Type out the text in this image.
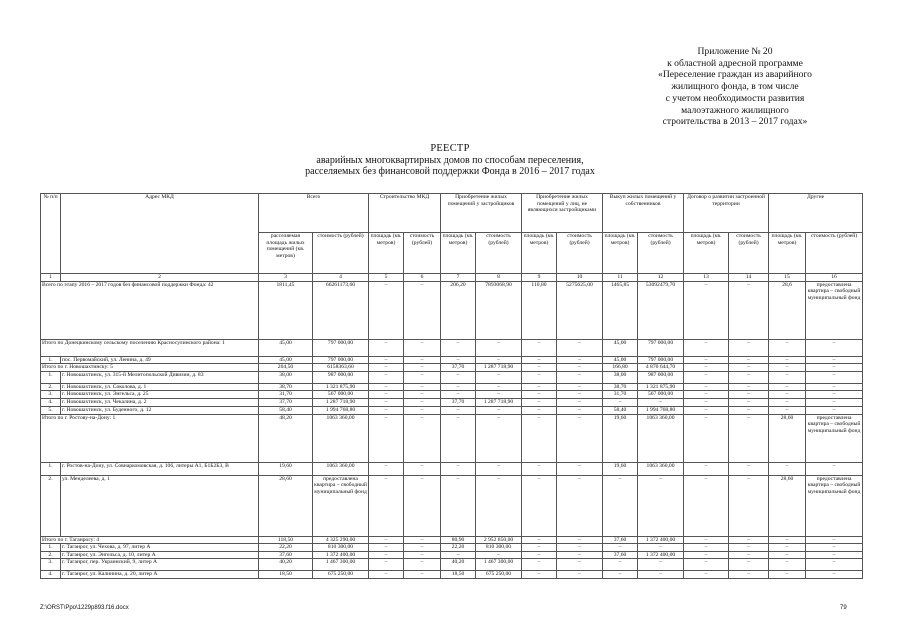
Приложение № 20
к областной адресной программе
«Переселение граждан из аварийного
жилищного фонда, в том числе
с учетом необходимости развития
малоэтажного жилищного
строительства в 2013 – 2017 годах»
РЕЕСТР
аварийных многоквартирных домов по способам переселения,
расселяемых без финансовой поддержки Фонда в 2016 – 2017 годах
№ п/п	Адрес МКД	Всего		Строительство МКД		Приобретение жилых помещений у застройщиков		Приобретение жилых помещений у лиц, не являющихся застройщиками		Выкуп жилых помещений у собственников		Договор о развитии застроенной территории		Другие	
		расселяемая площадь жилых помещений (кв. метров)	стоимость (рублей)	площадь (кв. метров)	стоимость (рублей)	площадь (кв. метров)	стоимость (рублей)	площадь (кв. метров)	стоимость (рублей)	площадь (кв. метров)	стоимость (рублей)	площадь (кв. метров)	стоимость (рублей)	площадь (кв. метров)	стоимость (рублей)
1	2	3	4	5	6	7	8	9	10	11	12	13	14	15	16
Всего по этапу 2016 – 2017 годов без финансовой поддержки Фонда: 42		1811,45	66261173,60	–	–	206,20	7893068,90	110,80	5275625,00	1465,85	53092479,70	–	–	28,6	предоставлена квартира – свободный муниципальный фонд
Итого по Донецкинскому сельскому поселению Красносулинского района: 1		45,00	797 000,00	–	–	–	–	–	–	45,00	797 000,00	–	–	–	–
1.	пос. Первомайский, ул. Ленина, д. 49	45,00	797 000,00	–	–	–	–	–	–	45,00	797 000,00	–	–	–	–
Итого по г. Новошахтинску: 5		204,50	6158363,60	–	–	37,70	1 287 718,90	–	–	166,80	4 870 644,70	–	–	–	–
1.	г. Новошахтинск, ул. 315-й Мелитопольской Дивизии, д. 83	38,00	987 000,00	–	–	–	–	–	–	38,00	987 000,00	–	–	–	–
2.	г. Новошахтинск, ул. Соколова, д. 1	38,70	1 321 875,90	–	–	–	–	–	–	38,70	1 321 875,90	–	–	–	–
3.	г. Новошахтинск, ул. Энгельса, д. 25	31,70	567 000,00	–	–	–	–	–	–	31,70	567 000,00	–	–	–	–
4.	г. Новошахтинск, ул. Чекалина, д. 2	37,70	1 287 718,90	–	–	37,70	1 287 718,90	–	–	–	–	–	–	–	–
5.	г. Новошахтинск, ул. Буденного, д. 12	58,40	1 994 768,80	–	–	–	–	–	–	58,40	1 994 768,80	–	–	–	–
Итого по г. Ростову-на-Дону: 1		48,20	1063 360,00	–	–	–	–	–	–	19,60	1063 360,00	–	–	28,60	предоставлена квартира – свободный муниципальный фонд
1.	г. Ростов-на-Дону, ул. Совнаркомовская, д. 106, литеры А1, Б1Б2Б3, В	19,60	1063 360,00	–	–	–	–	–	–	19,60	1063 360,00	–	–	–	–
2.	ул. Менделеева, д. 1	28,60	предоставлена квартира – свободный муниципальный фонд	–	–	–	–	–	–	–	–	–	–	28,60	предоставлена квартира – свободный муниципальный фонд
Итого по г. Таганрогу: 4		118,50	4 325 290,00	–	–	80,90	2 952 850,00	–	–	37,60	1 372 400,00	–	–	–	–
1.	г. Таганрог, ул. Чехова, д. 97, литер А	22,20	810 300,00	–	–	22,20	810 300,00	–	–	–	–	–	–	–	–
2.	г. Таганрог, ул. Энгельса, д. 10, литер А	37,60	1 372 400,00	–	–	–	–	–	–	37,60	1 372 400,00	–	–	–	–
3.	г. Таганрог, пер. Украинский, 9, литер А	40,20	1 467 300,00	–	–	40,20	1 467 300,00	–	–	–	–	–	–	–	–
4.	г. Таганрог, ул. Калинина, д. 20, литер А	18,50	675 250,00	–	–	18,50	675 250,00	–	–	–	–	–	–	–	–
Z:\ORST\Ppo\1229p893.f16.docx	79
